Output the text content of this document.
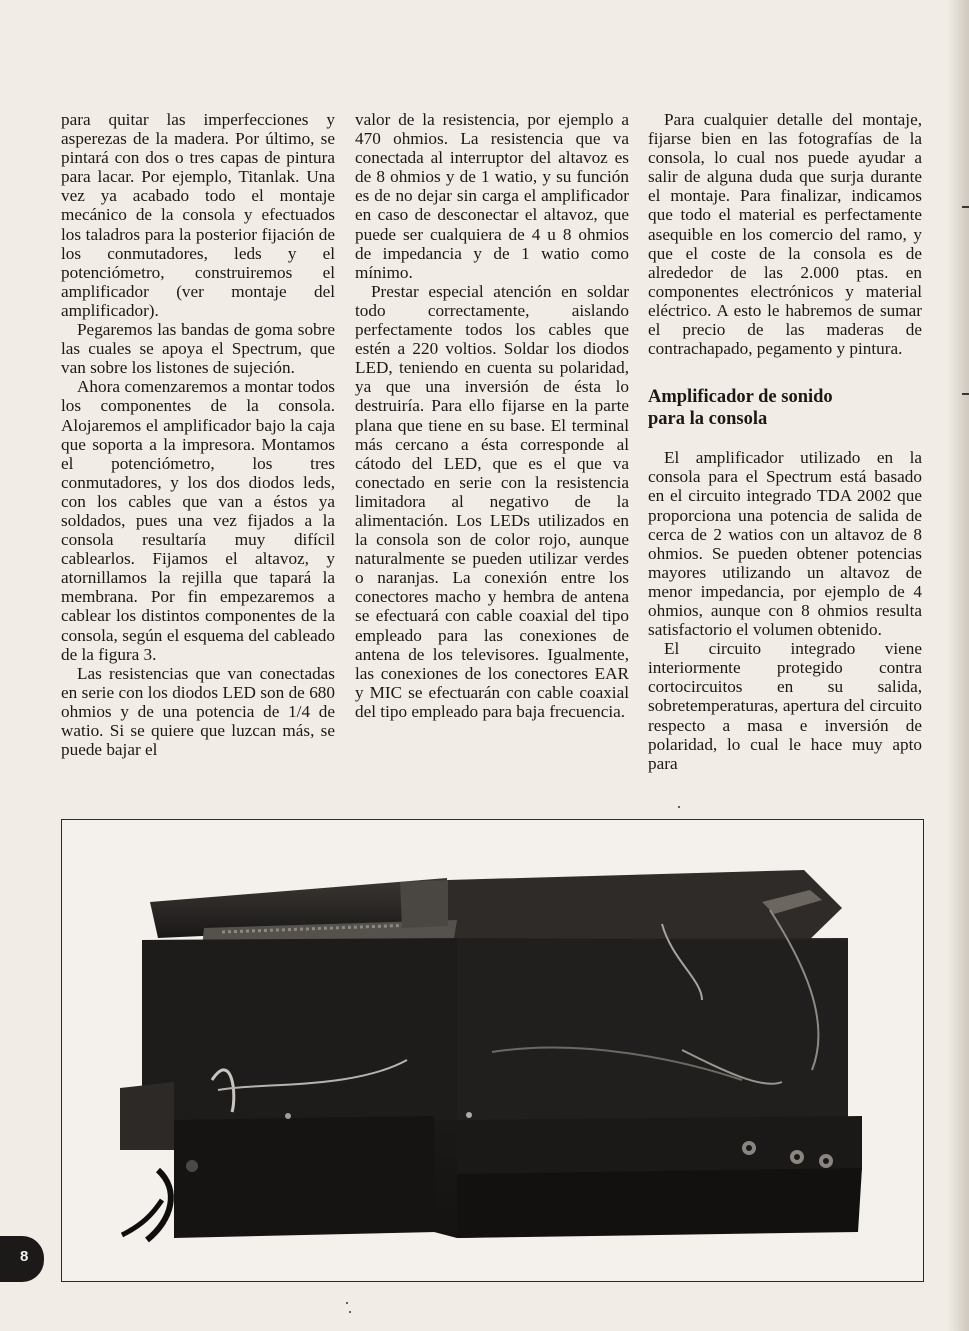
para quitar las imperfecciones y asperezas de la madera. Por último, se pintará con dos o tres capas de pintura para lacar. Por ejemplo, Titanlak. Una vez ya acabado todo el montaje mecánico de la consola y efectuados los taladros para la posterior fijación de los conmutadores, leds y el potenciómetro, construiremos el amplificador (ver montaje del amplificador).

Pegaremos las bandas de goma sobre las cuales se apoya el Spectrum, que van sobre los listones de sujeción.

Ahora comenzaremos a montar todos los componentes de la consola. Alojaremos el amplificador bajo la caja que soporta a la impresora. Montamos el potenciómetro, los tres conmutadores, y los dos diodos leds, con los cables que van a éstos ya soldados, pues una vez fijados a la consola resultaría muy difícil cablearlos. Fijamos el altavoz, y atornillamos la rejilla que tapará la membrana. Por fin empezaremos a cablear los distintos componentes de la consola, según el esquema del cableado de la figura 3.

Las resistencias que van conectadas en serie con los diodos LED son de 680 ohmios y de una potencia de 1/4 de watio. Si se quiere que luzcan más, se puede bajar el

valor de la resistencia, por ejemplo a 470 ohmios. La resistencia que va conectada al interruptor del altavoz es de 8 ohmios y de 1 watio, y su función es de no dejar sin carga el amplificador en caso de desconectar el altavoz, que puede ser cualquiera de 4 u 8 ohmios de impedancia y de 1 watio como mínimo.

Prestar especial atención en soldar todo correctamente, aislando perfectamente todos los cables que estén a 220 voltios. Soldar los diodos LED, teniendo en cuenta su polaridad, ya que una inversión de ésta lo destruiría. Para ello fijarse en la parte plana que tiene en su base. El terminal más cercano a ésta corresponde al cátodo del LED, que es el que va conectado en serie con la resistencia limitadora al negativo de la alimentación. Los LEDs utilizados en la consola son de color rojo, aunque naturalmente se pueden utilizar verdes o naranjas. La conexión entre los conectores macho y hembra de antena se efectuará con cable coaxial del tipo empleado para las conexiones de antena de los televisores. Igualmente, las conexiones de los conectores EAR y MIC se efectuarán con cable coaxial del tipo empleado para baja frecuencia.

Para cualquier detalle del montaje, fijarse bien en las fotografías de la consola, lo cual nos puede ayudar a salir de alguna duda que surja durante el montaje. Para finalizar, indicamos que todo el material es perfectamente asequible en los comercio del ramo, y que el coste de la consola es de alrededor de las 2.000 ptas. en componentes electrónicos y material eléctrico. A esto le habremos de sumar el precio de las maderas de contrachapado, pegamento y pintura.

Amplificador de sonido
para la consola

El amplificador utilizado en la consola para el Spectrum está basado en el circuito integrado TDA 2002 que proporciona una potencia de salida de cerca de 2 watios con un altavoz de 8 ohmios. Se pueden obtener potencias mayores utilizando un altavoz de menor impedancia, por ejemplo de 4 ohmios, aunque con 8 ohmios resulta satisfactorio el volumen obtenido.

El circuito integrado viene interiormente protegido contra cortocircuitos en su salida, sobretemperaturas, apertura del circuito respecto a masa e inversión de polaridad, lo cual le hace muy apto para

8
